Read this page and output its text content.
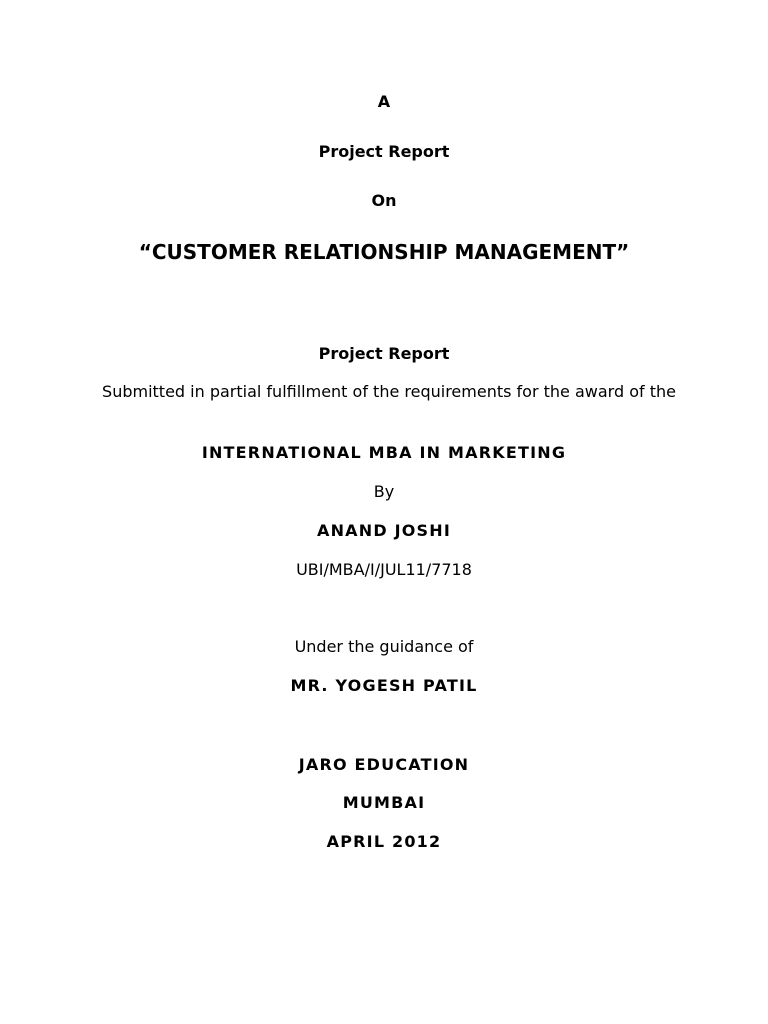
A
Project Report
On
“CUSTOMER RELATIONSHIP MANAGEMENT”
Project Report
Submitted in partial fulfillment of the requirements for the award of the
INTERNATIONAL MBA IN MARKETING
By
ANAND JOSHI
UBI/MBA/I/JUL11/7718
Under the guidance of
MR. YOGESH PATIL
JARO EDUCATION
MUMBAI
APRIL 2012
